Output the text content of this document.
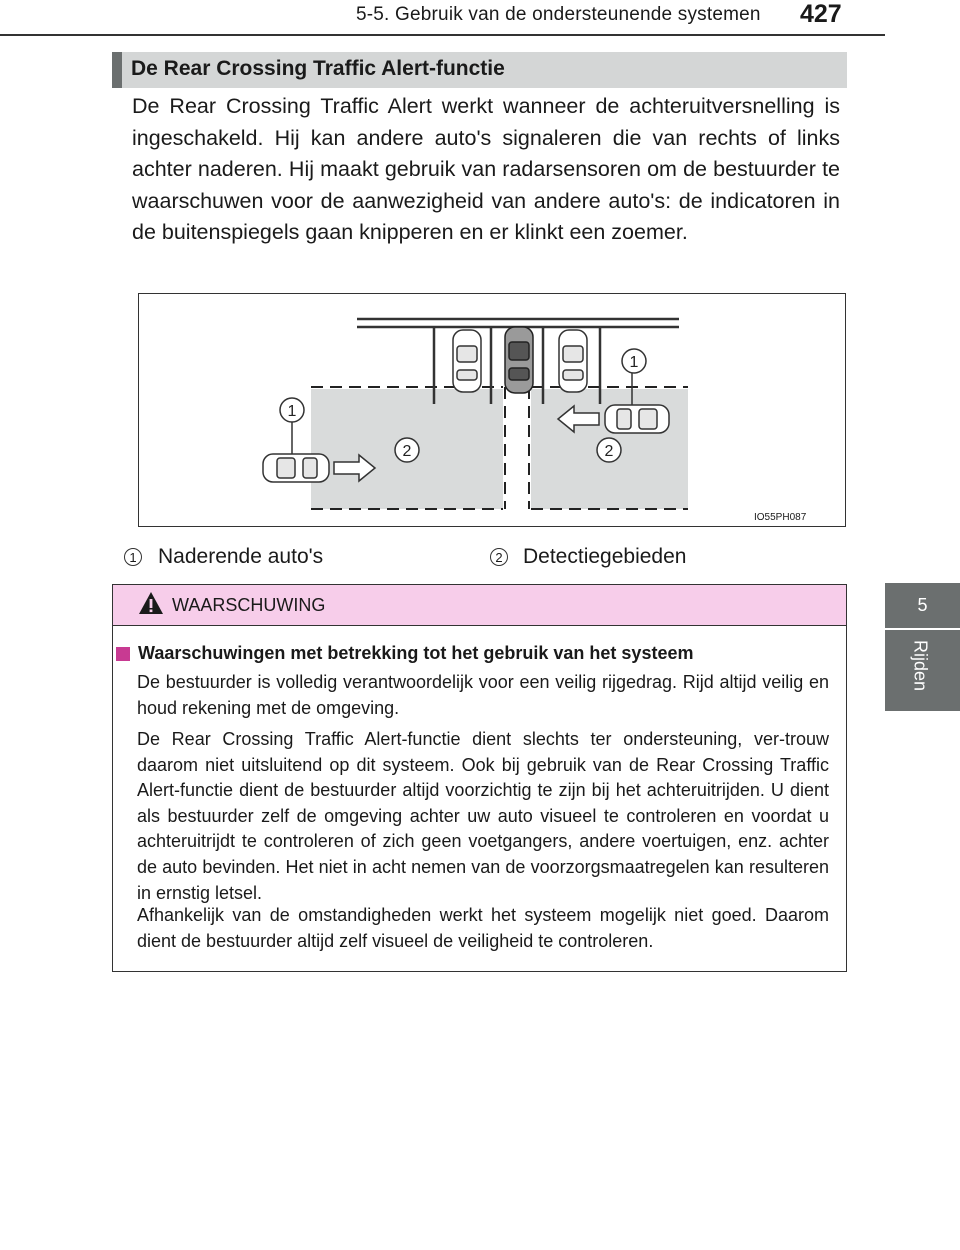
5-5. Gebruik van de ondersteunende systemen 427
5
Rijden
De Rear Crossing Traffic Alert-functie
De Rear Crossing Traffic Alert werkt wanneer de achteruitversnelling is ingeschakeld. Hij kan andere auto's signaleren die van rechts of links achter naderen. Hij maakt gebruik van radarsensoren om de bestuurder te waarschuwen voor de aanwezigheid van andere auto's: de indicatoren in de buitenspiegels gaan knipperen en er klinkt een zoemer.
1
1
2	2
IO55PH087
1 Naderende auto's	2 Detectiegebieden
WAARSCHUWING
Waarschuwingen met betrekking tot het gebruik van het systeem
De bestuurder is volledig verantwoordelijk voor een veilig rijgedrag. Rijd altijd veilig en houd rekening met de omgeving.
De Rear Crossing Traffic Alert-functie dient slechts ter ondersteuning, ver-trouw daarom niet uitsluitend op dit systeem. Ook bij gebruik van de Rear Crossing Traffic Alert-functie dient de bestuurder altijd voorzichtig te zijn bij het achteruitrijden. U dient als bestuurder zelf de omgeving achter uw auto visueel te controleren en voordat u achteruitrijdt te controleren of zich geen voetgangers, andere voertuigen, enz. achter de auto bevinden. Het niet in acht nemen van de voorzorgsmaatregelen kan resulteren in ernstig letsel.
Afhankelijk van de omstandigheden werkt het systeem mogelijk niet goed. Daarom dient de bestuurder altijd zelf visueel de veiligheid te controleren.
